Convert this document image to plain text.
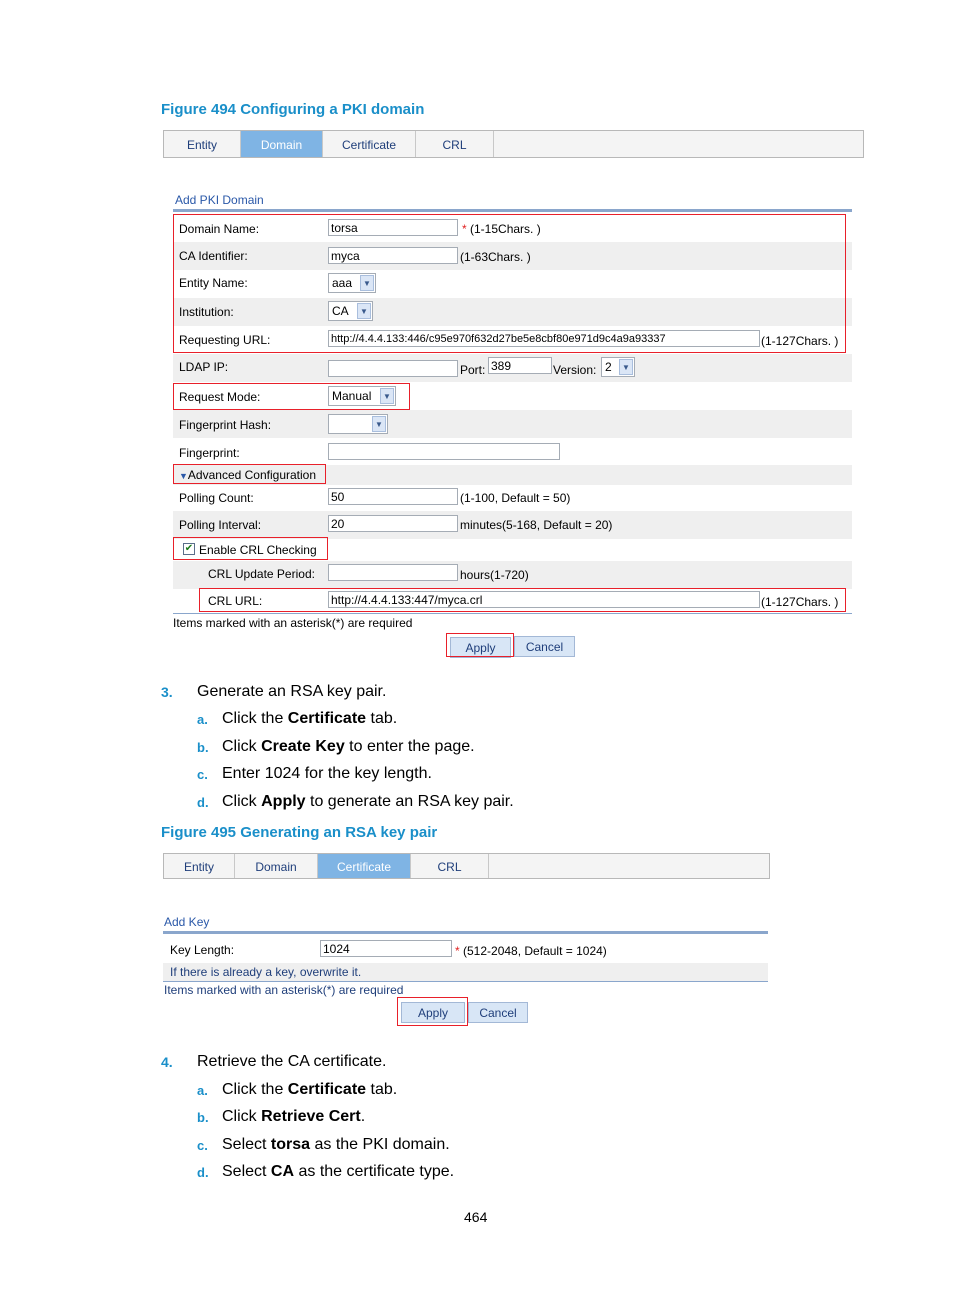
Figure 494 Configuring a PKI domain
Entity	Domain	Certificate	CRL
Add PKI Domain
Domain Name:	torsa	* (1-15Chars. )
CA Identifier:	myca	(1-63Chars. )
Entity Name:	aaa	▼
Institution:	CA	▼
Requesting URL:	http://4.4.4.133:446/c95e970f632d27be5e8cbf80e971d9c4a9a93337	(1-127Chars. )
LDAP IP:	Port: 389	Version: 2	▼
Request Mode:	Manual	▼
Fingerprint Hash:	▼
Fingerprint:
▼Advanced Configuration
Polling Count:	50	(1-100, Default = 50)
Polling Interval:	20	minutes(5-168, Default = 20)
✔ Enable CRL Checking
CRL Update Period:	hours(1-720)
CRL URL:	http://4.4.4.133:447/myca.crl	(1-127Chars. )
Items marked with an asterisk(*) are required
Apply	Cancel
3. Generate an RSA key pair.
a. Click the Certificate tab.
b. Click Create Key to enter the page.
c. Enter 1024 for the key length.
d. Click Apply to generate an RSA key pair.
Figure 495 Generating an RSA key pair
Entity	Domain	Certificate	CRL
Add Key
Key Length:	1024	* (512-2048, Default = 1024)
If there is already a key, overwrite it.
Items marked with an asterisk(*) are required
Apply	Cancel
4. Retrieve the CA certificate.
a. Click the Certificate tab.
b. Click Retrieve Cert.
c. Select torsa as the PKI domain.
d. Select CA as the certificate type.
464
